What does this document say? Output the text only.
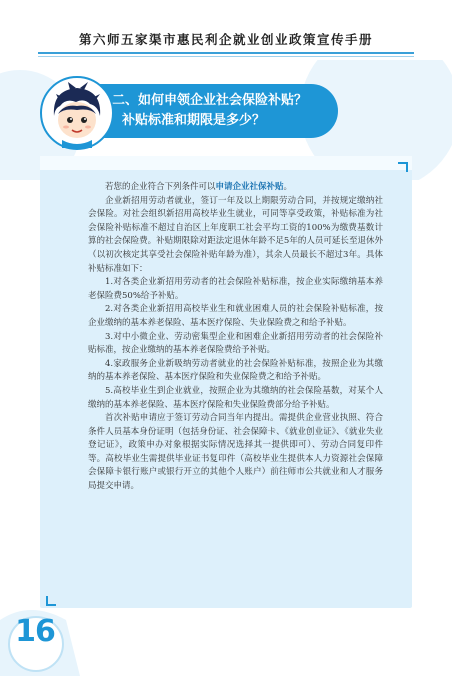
第六师五家渠市惠民利企就业创业政策宣传手册
二、如何申领企业社会保险补贴？
补贴标准和期限是多少？

若您的企业符合下列条件可以申请企业社保补贴。

企业新招用劳动者就业，签订一年及以上期限劳动合同，并按规定缴纳社会保险。对社会组织新招用高校毕业生就业，可同等享受政策，补贴标准为社会保险补贴标准不超过自治区上年度职工社会平均工资的100%为缴费基数计算的社会保险费。补贴期限除对距法定退休年龄不足5年的人员可延长至退休外（以初次核定其享受社会保险补贴年龄为准），其余人员最长不超过3年。具体补贴标准如下：

1.对各类企业新招用劳动者的社会保险补贴标准，按企业实际缴纳基本养老保险费50%给予补贴。

2.对各类企业新招用高校毕业生和就业困难人员的社会保险补贴标准，按企业缴纳的基本养老保险、基本医疗保险、失业保险费之和给予补贴。

3.对中小微企业、劳动密集型企业和困难企业新招用劳动者的社会保险补贴标准，按企业缴纳的基本养老保险费给予补贴。

4.家政服务企业新吸纳劳动者就业的社会保险补贴标准，按照企业为其缴纳的基本养老保险、基本医疗保险和失业保险费之和给予补贴。

5.高校毕业生到企业就业，按照企业为其缴纳的社会保险基数，对某个人缴纳的基本养老保险、基本医疗保险和失业保险费部分给予补贴。

首次补贴申请应于签订劳动合同当年内提出。需提供企业营业执照、符合条件人员基本身份证明（包括身份证、社会保障卡、《就业创业证》、《就业失业登记证》，政策申办对象根据实际情况选择其一提供即可）、劳动合同复印件等。高校毕业生需提供毕业证书复印件（高校毕业生提供本人力资源社会保障会保障卡银行账户或银行开立的其他个人账户）前往师市公共就业和人才服务局提交申请。

16
